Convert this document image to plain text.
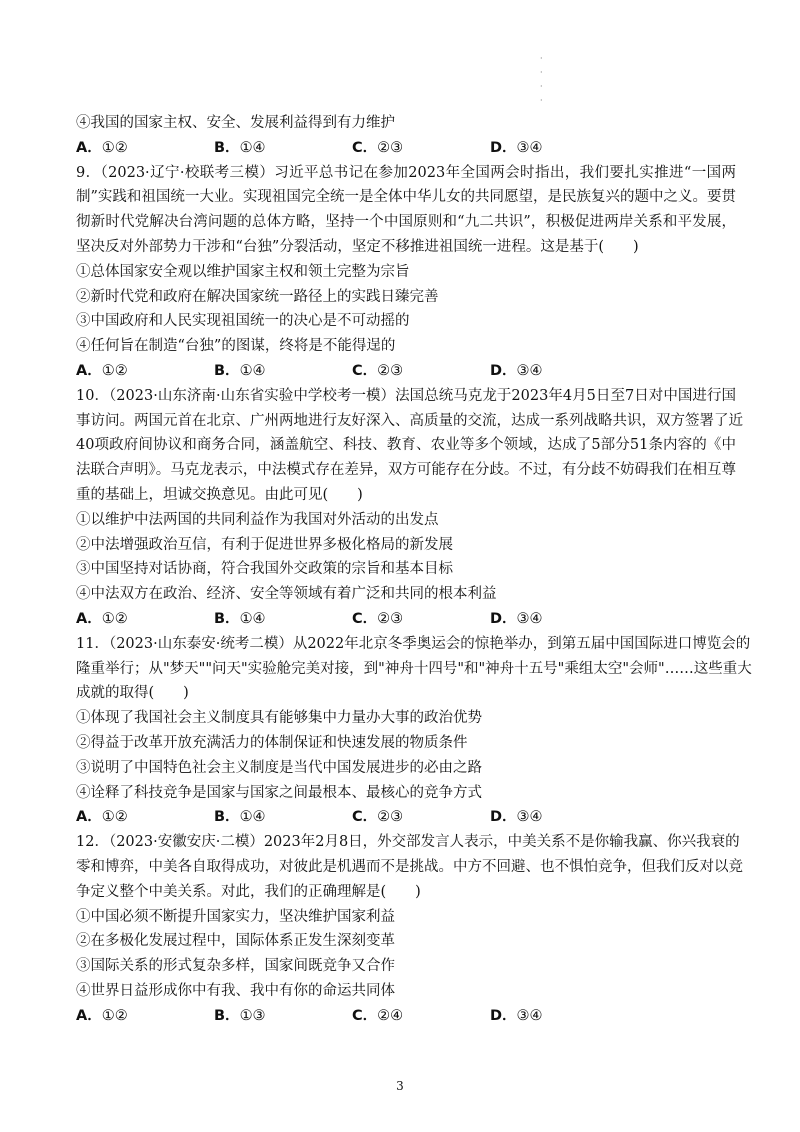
·
·
·
·
④我国的国家主权、安全、发展利益得到有力维护
A．①②	B．①④	C．②③	D．③④
9．（2023·辽宁·校联考三模）习近平总书记在参加2023年全国两会时指出，我们要扎实推进“一国两
制”实践和祖国统一大业。实现祖国完全统一是全体中华儿女的共同愿望，是民族复兴的题中之义。要贯
彻新时代党解决台湾问题的总体方略，坚持一个中国原则和“九二共识”，积极促进两岸关系和平发展，
坚决反对外部势力干涉和“台独”分裂活动，坚定不移推进祖国统一进程。这是基于(　　)
①总体国家安全观以维护国家主权和领土完整为宗旨
②新时代党和政府在解决国家统一路径上的实践日臻完善
③中国政府和人民实现祖国统一的决心是不可动摇的
④任何旨在制造“台独”的图谋，终将是不能得逞的
A．①②	B．①④	C．②③	D．③④
10．（2023·山东济南·山东省实验中学校考一模）法国总统马克龙于2023年4月5日至7日对中国进行国
事访问。两国元首在北京、广州两地进行友好深入、高质量的交流，达成一系列战略共识，双方签署了近
40项政府间协议和商务合同，涵盖航空、科技、教育、农业等多个领域，达成了5部分51条内容的《中
法联合声明》。马克龙表示，中法模式存在差异，双方可能存在分歧。不过，有分歧不妨碍我们在相互尊
重的基础上，坦诚交换意见。由此可见(　　)
①以维护中法两国的共同利益作为我国对外活动的出发点
②中法增强政治互信，有利于促进世界多极化格局的新发展
③中国坚持对话协商，符合我国外交政策的宗旨和基本目标
④中法双方在政治、经济、安全等领域有着广泛和共同的根本利益
A．①②	B．①④	C．②③	D．③④
11．（2023·山东泰安·统考二模）从2022年北京冬季奥运会的惊艳举办，到第五届中国国际进口博览会的
隆重举行；从"梦天""问天"实验舱完美对接，到"神舟十四号"和"神舟十五号"乘组太空"会师"……这些重大
成就的取得(　　)
①体现了我国社会主义制度具有能够集中力量办大事的政治优势
②得益于改革开放充满活力的体制保证和快速发展的物质条件
③说明了中国特色社会主义制度是当代中国发展进步的必由之路
④诠释了科技竞争是国家与国家之间最根本、最核心的竞争方式
A．①②	B．①④	C．②③	D．③④
12．（2023·安徽安庆·二模）2023年2月8日，外交部发言人表示，中美关系不是你输我赢、你兴我衰的
零和博弈，中美各自取得成功，对彼此是机遇而不是挑战。中方不回避、也不惧怕竞争，但我们反对以竞
争定义整个中美关系。对此，我们的正确理解是(　　)
①中国必须不断提升国家实力，坚决维护国家利益
②在多极化发展过程中，国际体系正发生深刻变革
③国际关系的形式复杂多样，国家间既竞争又合作
④世界日益形成你中有我、我中有你的命运共同体
A．①②	B．①③	C．②④	D．③④
3
